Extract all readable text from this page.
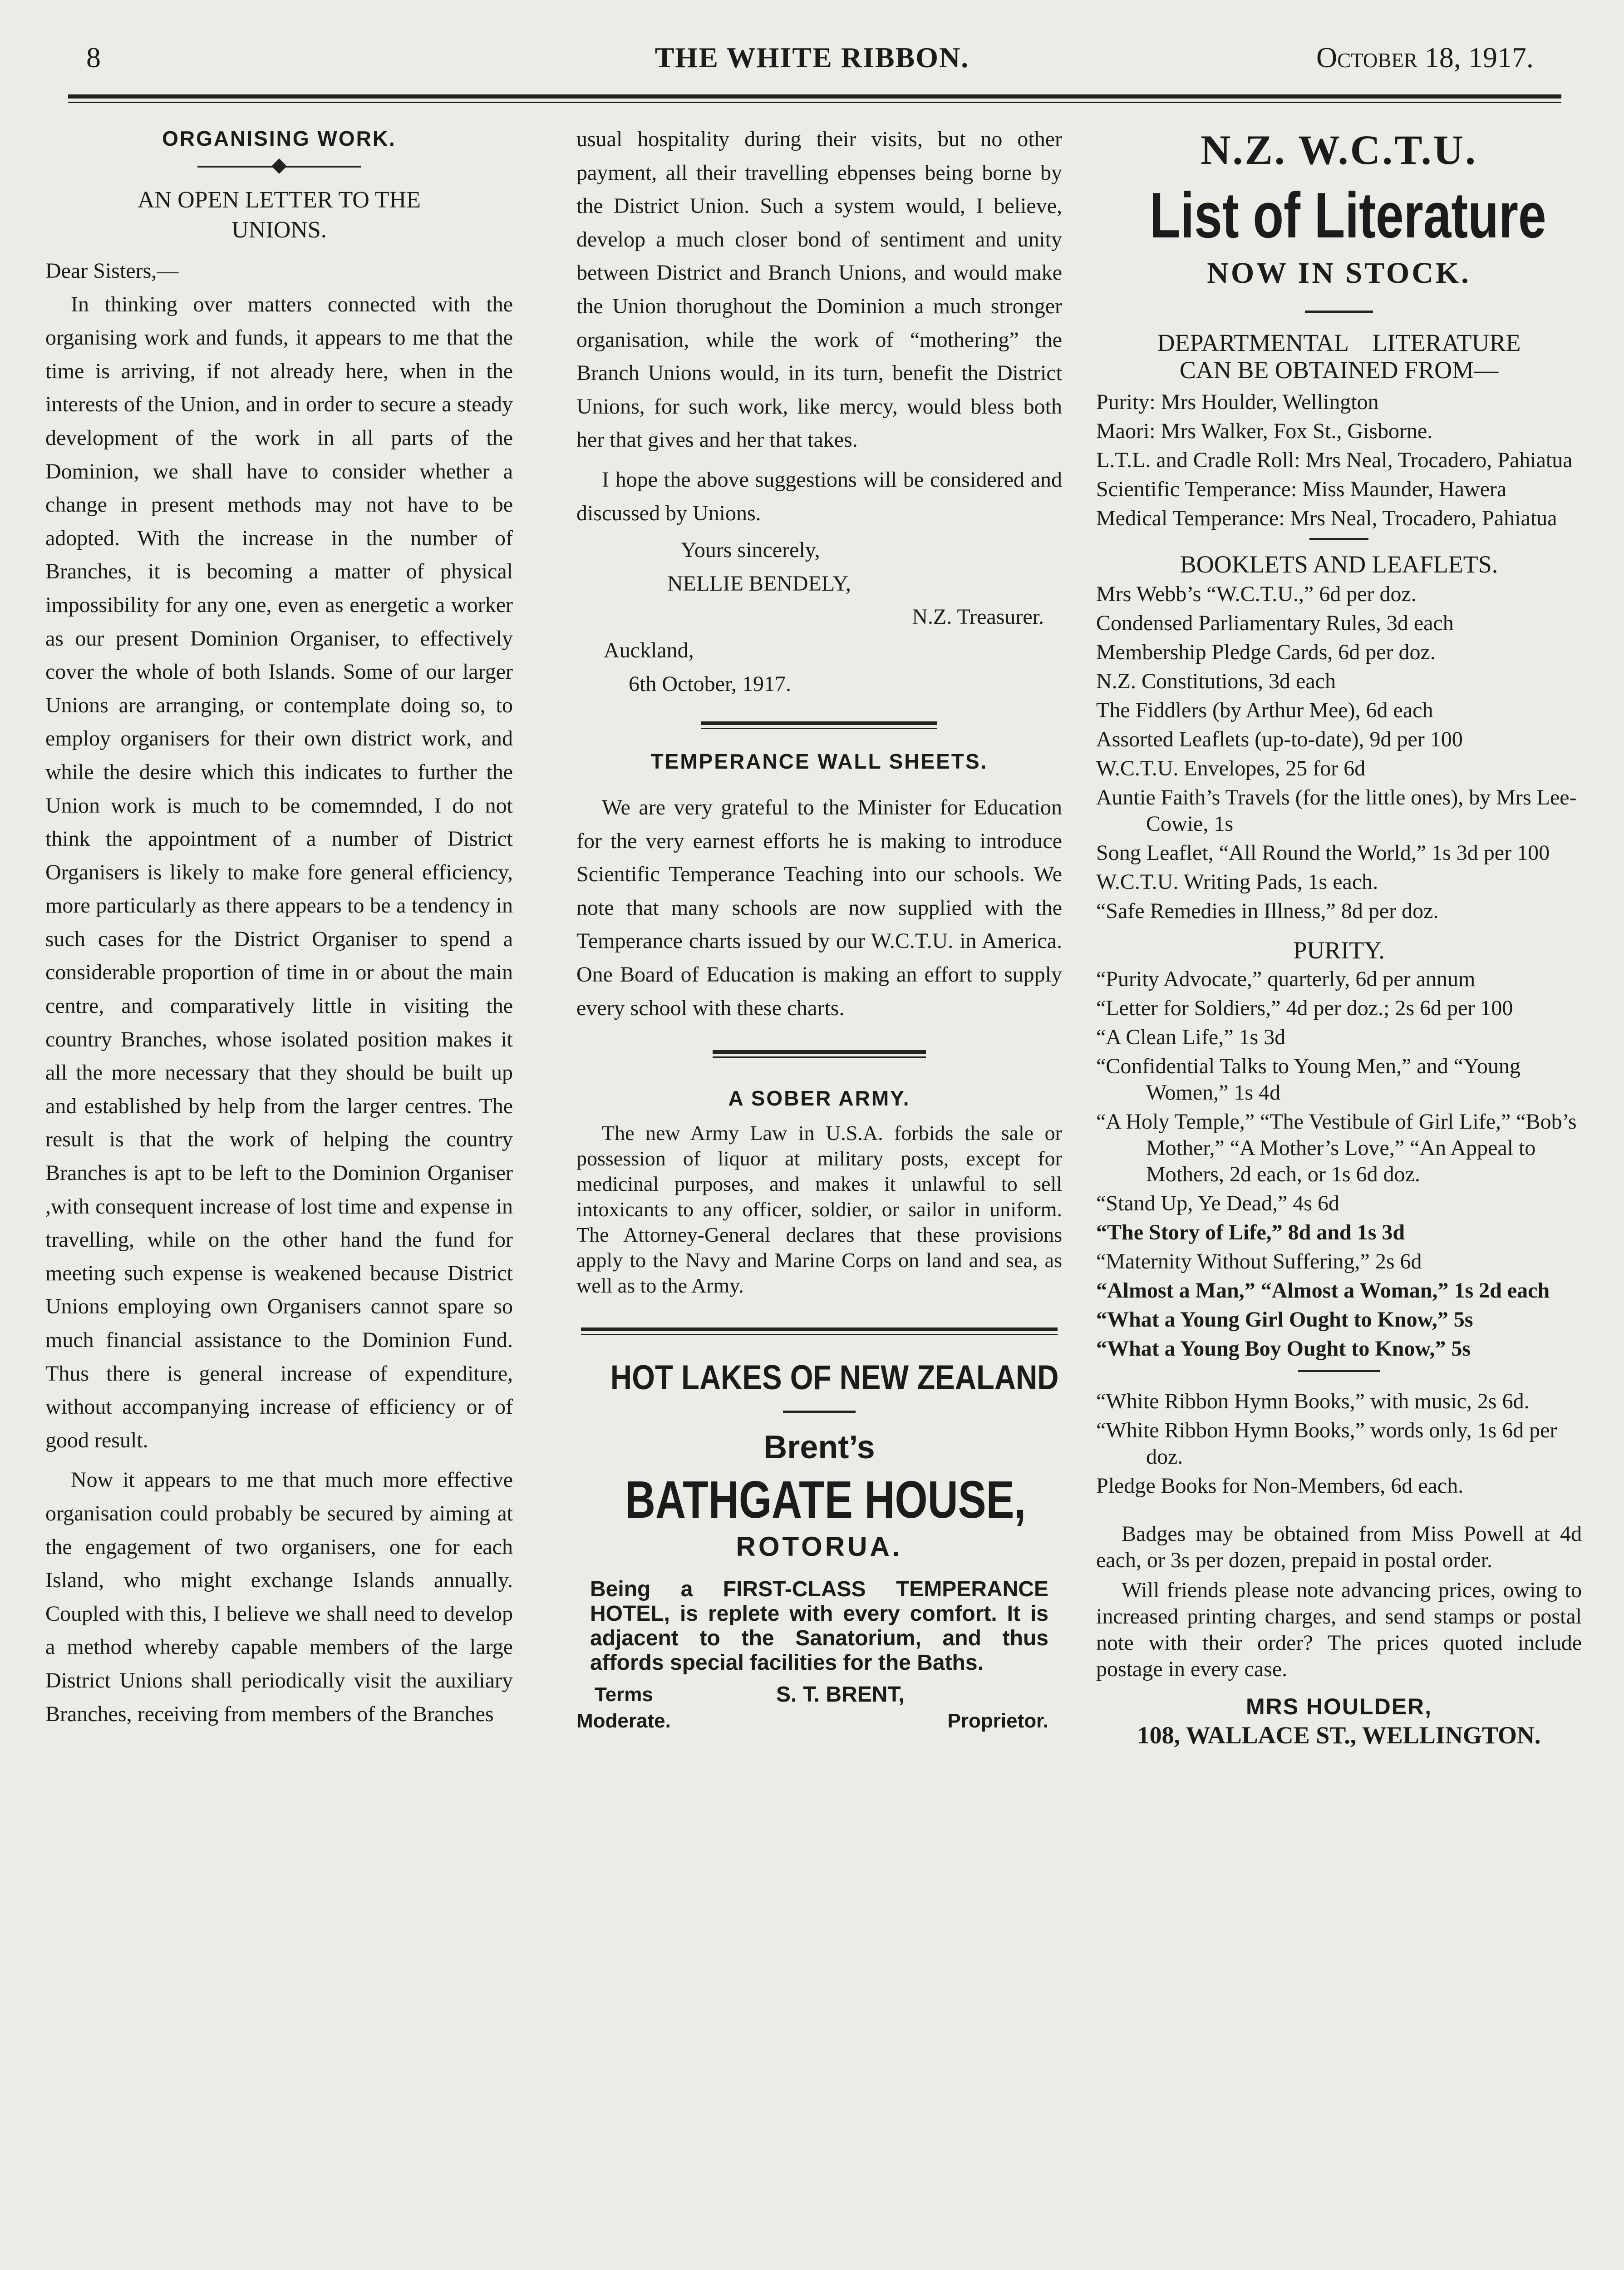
8	THE WHITE RIBBON.	October 18, 1917.
ORGANISING WORK.
AN OPEN LETTER TO THE
UNIONS.

Dear Sisters,—

In thinking over matters connected with the organising work and funds, it appears to me that the time is arriving, if not already here, when in the interests of the Union, and in order to secure a steady development of the work in all parts of the Dominion, we shall have to consider whether a change in present methods may not have to be adopted. With the increase in the number of Branches, it is becoming a matter of physical impossibility for any one, even as energetic a worker as our present Dominion Organiser, to effectively cover the whole of both Islands. Some of our larger Unions are arranging, or contemplate doing so, to employ organisers for their own district work, and while the desire which this indicates to further the Union work is much to be comemnded, I do not think the appointment of a number of District Organisers is likely to make fore general efficiency, more particularly as there appears to be a tendency in such cases for the District Organiser to spend a considerable proportion of time in or about the main centre, and comparatively little in visiting the country Branches, whose isolated position makes it all the more necessary that they should be built up and established by help from the larger centres. The result is that the work of helping the country Branches is apt to be left to the Dominion Organiser ,with consequent increase of lost time and expense in travelling, while on the other hand the fund for meeting such expense is weakened because District Unions employing own Organisers cannot spare so much financial assistance to the Dominion Fund. Thus there is general increase of expenditure, without accompanying increase of efficiency or of good result.

Now it appears to me that much more effective organisation could probably be secured by aiming at the engagement of two organisers, one for each Island, who might exchange Islands annually. Coupled with this, I believe we shall need to develop a method whereby capable members of the large District Unions shall periodically visit the auxiliary Branches, receiving from members of the Branches

usual hospitality during their visits, but no other payment, all their travelling ebpenses being borne by the District Union. Such a system would, I believe, develop a much closer bond of sentiment and unity between District and Branch Unions, and would make the Union thorughout the Dominion a much stronger organisation, while the work of “mothering” the Branch Unions would, in its turn, benefit the District Unions, for such work, like mercy, would bless both her that gives and her that takes.

I hope the above suggestions will be considered and discussed by Unions.

Yours sincerely,

NELLIE BENDELY,

N.Z. Treasurer.

Auckland,

6th October, 1917.

TEMPERANCE WALL SHEETS.

We are very grateful to the Minister for Education for the very earnest efforts he is making to introduce Scientific Temperance Teaching into our schools. We note that many schools are now supplied with the Temperance charts issued by our W.C.T.U. in America. One Board of Education is making an effort to supply every school with these charts.

A SOBER ARMY.

The new Army Law in U.S.A. forbids the sale or possession of liquor at military posts, except for medicinal purposes, and makes it unlawful to sell intoxicants to any officer, soldier, or sailor in uniform. The Attorney-General declares that these provisions apply to the Navy and Marine Corps on land and sea, as well as to the Army.

HOT LAKES OF NEW ZEALAND
Brent’s
BATHGATE HOUSE,
ROTORUA.
Being a FIRST-CLASS TEMPERANCE HOTEL, is replete with every comfort. It is adjacent to the Sanatorium, and thus affords special facilities for the Baths.
Terms
Moderate.
S. T. BRENT,
Proprietor.
N.Z. W.C.T.U.
List of Literature
NOW IN STOCK.
DEPARTMENTAL LITERATURE
CAN BE OBTAINED FROM—
Purity: Mrs Houlder, Wellington
Maori: Mrs Walker, Fox St., Gisborne.
L.T.L. and Cradle Roll: Mrs Neal, Trocadero, Pahiatua
Scientific Temperance: Miss Maunder, Hawera
Medical Temperance: Mrs Neal, Trocadero, Pahiatua
BOOKLETS AND LEAFLETS.
Mrs Webb’s “W.C.T.U.,” 6d per doz.
Condensed Parliamentary Rules, 3d each
Membership Pledge Cards, 6d per doz.
N.Z. Constitutions, 3d each
The Fiddlers (by Arthur Mee), 6d each
Assorted Leaflets (up-to-date), 9d per 100
W.C.T.U. Envelopes, 25 for 6d
Auntie Faith’s Travels (for the little ones), by Mrs Lee-Cowie, 1s
Song Leaflet, “All Round the World,” 1s 3d per 100
W.C.T.U. Writing Pads, 1s each.
“Safe Remedies in Illness,” 8d per doz.
PURITY.
“Purity Advocate,” quarterly, 6d per annum
“Letter for Soldiers,” 4d per doz.; 2s 6d per 100
“A Clean Life,” 1s 3d
“Confidential Talks to Young Men,” and “Young Women,” 1s 4d
“A Holy Temple,” “The Vestibule of Girl Life,” “Bob’s Mother,” “A Mother’s Love,” “An Appeal to Mothers, 2d each, or 1s 6d doz.
“Stand Up, Ye Dead,” 4s 6d
“The Story of Life,” 8d and 1s 3d
“Maternity Without Suffering,” 2s 6d
“Almost a Man,” “Almost a Woman,” 1s 2d each
“What a Young Girl Ought to Know,” 5s
“What a Young Boy Ought to Know,” 5s
“White Ribbon Hymn Books,” with music, 2s 6d.
“White Ribbon Hymn Books,” words only, 1s 6d per doz.
Pledge Books for Non-Members, 6d each.
Badges may be obtained from Miss Powell at 4d each, or 3s per dozen, prepaid in postal order.
Will friends please note advancing prices, owing to increased printing charges, and send stamps or postal note with their order? The prices quoted include postage in every case.
MRS HOULDER,
108, WALLACE ST., WELLINGTON.
